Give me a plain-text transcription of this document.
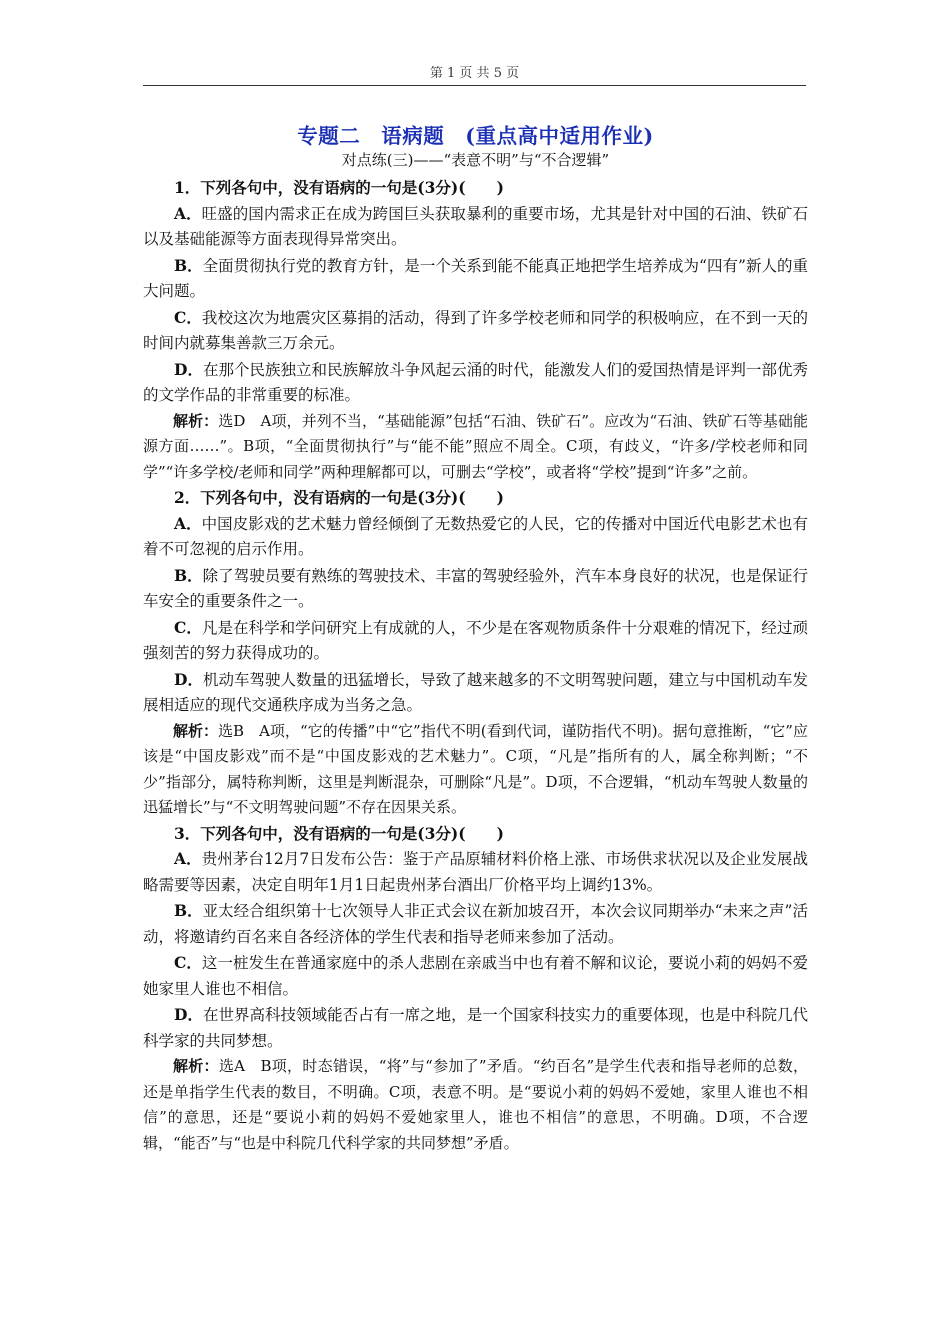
第 1 页 共 5 页
专题二　语病题　(重点高中适用作业)
对点练(三)——“表意不明”与“不合逻辑”

1．下列各句中，没有语病的一句是(3分)(　　)

A．旺盛的国内需求正在成为跨国巨头获取暴利的重要市场，尤其是针对中国的石油、铁矿石以及基础能源等方面表现得异常突出。

B．全面贯彻执行党的教育方针，是一个关系到能不能真正地把学生培养成为“四有”新人的重大问题。

C．我校这次为地震灾区募捐的活动，得到了许多学校老师和同学的积极响应，在不到一天的时间内就募集善款三万余元。

D．在那个民族独立和民族解放斗争风起云涌的时代，能激发人们的爱国热情是评判一部优秀的文学作品的非常重要的标准。

解析：选D　A项，并列不当，“基础能源”包括“石油、铁矿石”。应改为“石油、铁矿石等基础能源方面……”。B项，“全面贯彻执行”与“能不能”照应不周全。C项，有歧义，“许多/学校老师和同学”“许多学校/老师和同学”两种理解都可以，可删去“学校”，或者将“学校”提到“许多”之前。

2．下列各句中，没有语病的一句是(3分)(　　)

A．中国皮影戏的艺术魅力曾经倾倒了无数热爱它的人民，它的传播对中国近代电影艺术也有着不可忽视的启示作用。

B．除了驾驶员要有熟练的驾驶技术、丰富的驾驶经验外，汽车本身良好的状况，也是保证行车安全的重要条件之一。

C．凡是在科学和学问研究上有成就的人，不少是在客观物质条件十分艰难的情况下，经过顽强刻苦的努力获得成功的。

D．机动车驾驶人数量的迅猛增长，导致了越来越多的不文明驾驶问题，建立与中国机动车发展相适应的现代交通秩序成为当务之急。

解析：选B　A项，“它的传播”中“它”指代不明(看到代词，谨防指代不明)。据句意推断，“它”应该是“中国皮影戏”而不是“中国皮影戏的艺术魅力”。C项，“凡是”指所有的人，属全称判断；“不少”指部分，属特称判断，这里是判断混杂，可删除“凡是”。D项，不合逻辑，“机动车驾驶人数量的迅猛增长”与“不文明驾驶问题”不存在因果关系。

3．下列各句中，没有语病的一句是(3分)(　　)

A．贵州茅台12月7日发布公告：鉴于产品原辅材料价格上涨、市场供求状况以及企业发展战略需要等因素，决定自明年1月1日起贵州茅台酒出厂价格平均上调约13%。

B．亚太经合组织第十七次领导人非正式会议在新加坡召开，本次会议同期举办“未来之声”活动，将邀请约百名来自各经济体的学生代表和指导老师来参加了活动。

C．这一桩发生在普通家庭中的杀人悲剧在亲戚当中也有着不解和议论，要说小莉的妈妈不爱她家里人谁也不相信。

D．在世界高科技领域能否占有一席之地，是一个国家科技实力的重要体现，也是中科院几代科学家的共同梦想。

解析：选A　B项，时态错误，“将”与“参加了”矛盾。“约百名”是学生代表和指导老师的总数，还是单指学生代表的数目，不明确。C项，表意不明。是“要说小莉的妈妈不爱她，家里人谁也不相信”的意思，还是“要说小莉的妈妈不爱她家里人，谁也不相信”的意思，不明确。D项，不合逻辑，“能否”与“也是中科院几代科学家的共同梦想”矛盾。
